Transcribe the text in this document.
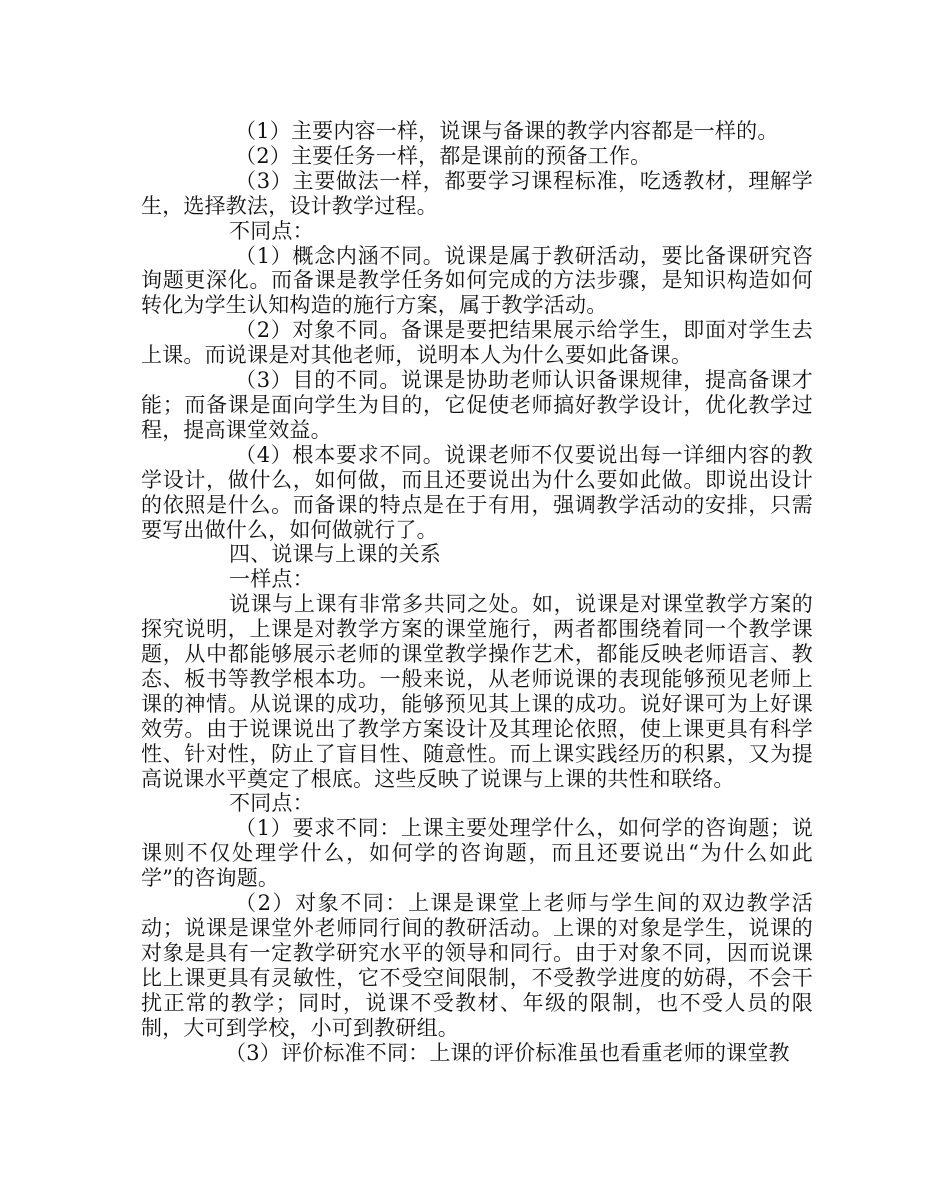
（1）主要内容一样，说课与备课的教学内容都是一样的。

（2）主要任务一样，都是课前的预备工作。

（3）主要做法一样，都要学习课程标准，吃透教材，理解学生，选择教法，设计教学过程。

不同点：

（1）概念内涵不同。说课是属于教研活动，要比备课研究咨询题更深化。而备课是教学任务如何完成的方法步骤，是知识构造如何转化为学生认知构造的施行方案，属于教学活动。

（2）对象不同。备课是要把结果展示给学生，即面对学生去上课。而说课是对其他老师，说明本人为什么要如此备课。

（3）目的不同。说课是协助老师认识备课规律，提高备课才能；而备课是面向学生为目的，它促使老师搞好教学设计，优化教学过程，提高课堂效益。

（4）根本要求不同。说课老师不仅要说出每一详细内容的教学设计，做什么，如何做，而且还要说出为什么要如此做。即说出设计的依照是什么。而备课的特点是在于有用，强调教学活动的安排，只需要写出做什么，如何做就行了。

四、说课与上课的关系

一样点：

说课与上课有非常多共同之处。如，说课是对课堂教学方案的探究说明，上课是对教学方案的课堂施行，两者都围绕着同一个教学课题，从中都能够展示老师的课堂教学操作艺术，都能反映老师语言、教态、板书等教学根本功。一般来说，从老师说课的表现能够预见老师上课的神情。从说课的成功，能够预见其上课的成功。说好课可为上好课效劳。由于说课说出了教学方案设计及其理论依照，使上课更具有科学性、针对性，防止了盲目性、随意性。而上课实践经历的积累，又为提高说课水平奠定了根底。这些反映了说课与上课的共性和联络。

不同点：

（1）要求不同：上课主要处理学什么，如何学的咨询题；说课则不仅处理学什么，如何学的咨询题，而且还要说出“为什么如此学”的咨询题。

（2）对象不同：上课是课堂上老师与学生间的双边教学活动；说课是课堂外老师同行间的教研活动。上课的对象是学生，说课的对象是具有一定教学研究水平的领导和同行。由于对象不同，因而说课比上课更具有灵敏性，它不受空间限制，不受教学进度的妨碍，不会干扰正常的教学；同时，说课不受教材、年级的限制，也不受人员的限制，大可到学校，小可到教研组。

（3）评价标准不同：上课的评价标准虽也看重老师的课堂教
